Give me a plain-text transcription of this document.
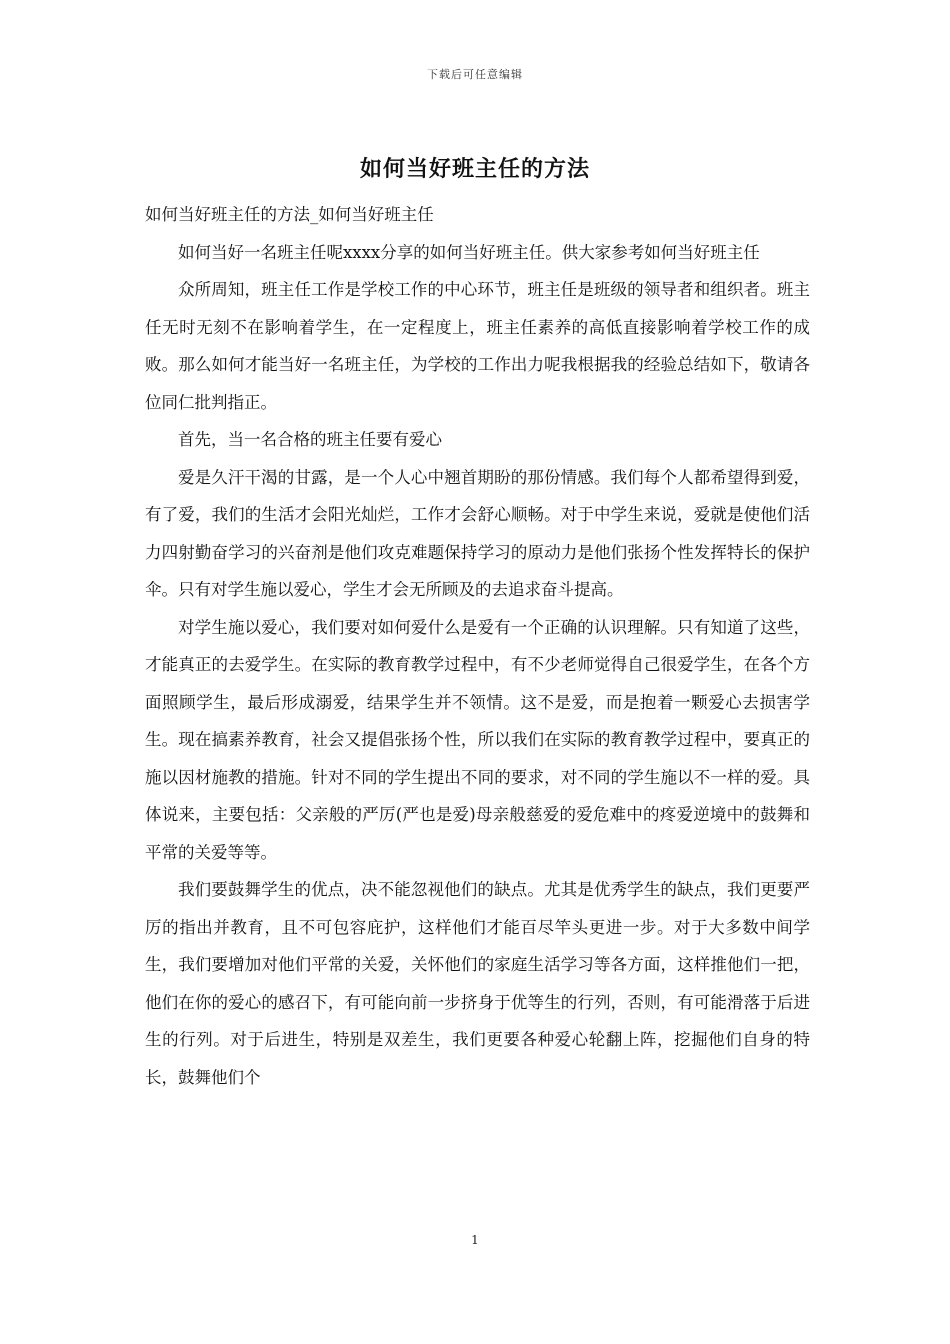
下载后可任意编辑
如何当好班主任的方法

如何当好班主任的方法_如何当好班主任

如何当好一名班主任呢xxxx分享的如何当好班主任。供大家参考如何当好班主任

众所周知，班主任工作是学校工作的中心环节，班主任是班级的领导者和组织者。班主任无时无刻不在影响着学生，在一定程度上，班主任素养的高低直接影响着学校工作的成败。那么如何才能当好一名班主任，为学校的工作出力呢我根据我的经验总结如下，敬请各位同仁批判指正。

首先，当一名合格的班主任要有爱心

爱是久汗干渴的甘露，是一个人心中翘首期盼的那份情感。我们每个人都希望得到爱，有了爱，我们的生活才会阳光灿烂，工作才会舒心顺畅。对于中学生来说，爱就是使他们活力四射勤奋学习的兴奋剂是他们攻克难题保持学习的原动力是他们张扬个性发挥特长的保护伞。只有对学生施以爱心，学生才会无所顾及的去追求奋斗提高。

对学生施以爱心，我们要对如何爱什么是爱有一个正确的认识理解。只有知道了这些，才能真正的去爱学生。在实际的教育教学过程中，有不少老师觉得自己很爱学生，在各个方面照顾学生，最后形成溺爱，结果学生并不领情。这不是爱，而是抱着一颗爱心去损害学生。现在搞素养教育，社会又提倡张扬个性，所以我们在实际的教育教学过程中，要真正的施以因材施教的措施。针对不同的学生提出不同的要求，对不同的学生施以不一样的爱。具体说来，主要包括：父亲般的严厉(严也是爱)母亲般慈爱的爱危难中的疼爱逆境中的鼓舞和平常的关爱等等。

我们要鼓舞学生的优点，决不能忽视他们的缺点。尤其是优秀学生的缺点，我们更要严厉的指出并教育，且不可包容庇护，这样他们才能百尽竿头更进一步。对于大多数中间学生，我们要增加对他们平常的关爱，关怀他们的家庭生活学习等各方面，这样推他们一把，他们在你的爱心的感召下，有可能向前一步挤身于优等生的行列，否则，有可能滑落于后进生的行列。对于后进生，特别是双差生，我们更要各种爱心轮翻上阵，挖掘他们自身的特长，鼓舞他们个

1
